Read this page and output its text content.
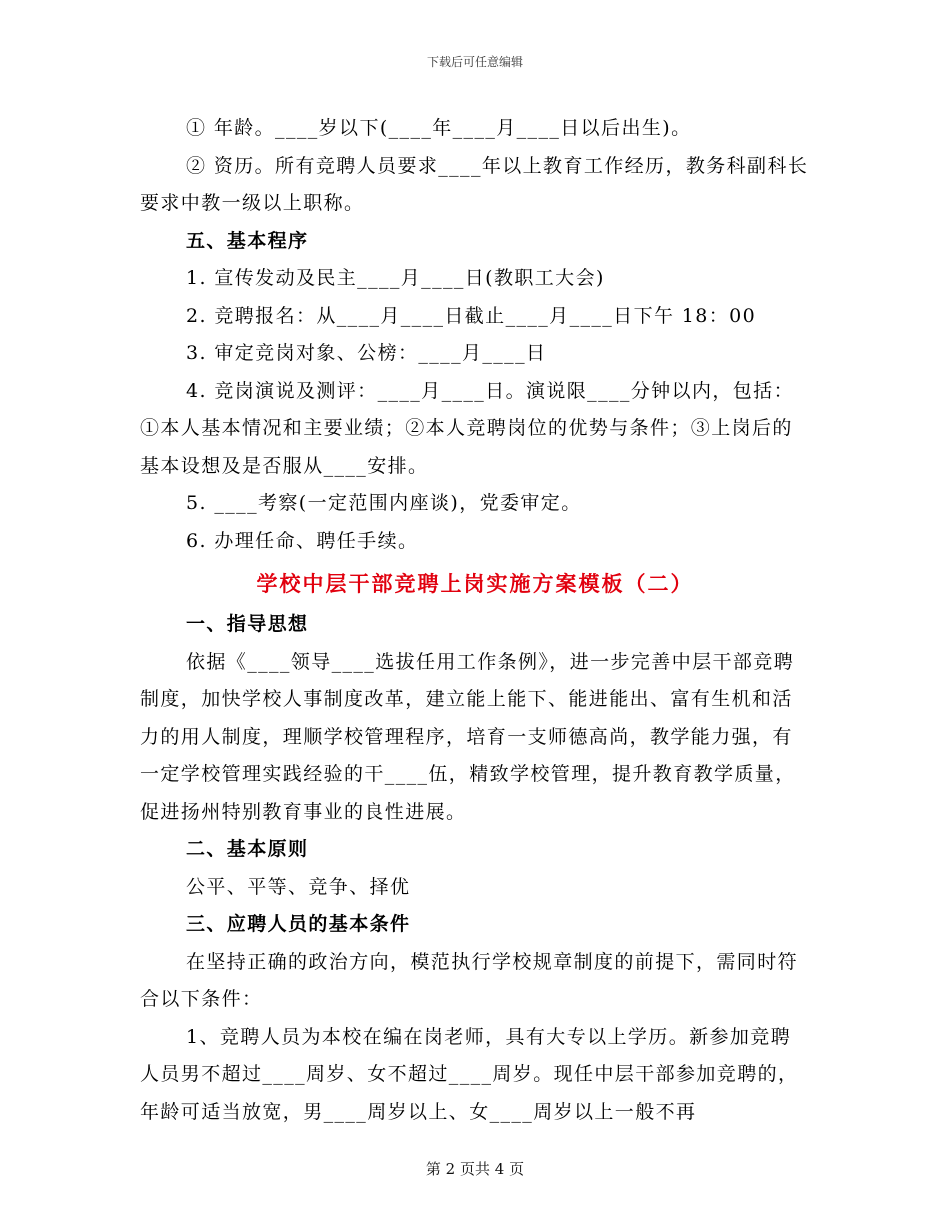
下载后可任意编辑

① 年龄。____岁以下(____年____月____日以后出生)。

② 资历。所有竞聘人员要求____年以上教育工作经历，教务科副科长要求中教一级以上职称。

五、基本程序

1. 宣传发动及民主____月____日(教职工大会)

2. 竞聘报名：从____月____日截止____月____日下午 18：00

3. 审定竞岗对象、公榜：____月____日

4. 竞岗演说及测评：____月____日。演说限____分钟以内，包括：①本人基本情况和主要业绩；②本人竞聘岗位的优势与条件；③上岗后的基本设想及是否服从____安排。

5. ____考察(一定范围内座谈)，党委审定。

6. 办理任命、聘任手续。

学校中层干部竞聘上岗实施方案模板（二）

一、指导思想

依据《____领导____选拔任用工作条例》，进一步完善中层干部竞聘制度，加快学校人事制度改革，建立能上能下、能进能出、富有生机和活力的用人制度，理顺学校管理程序，培育一支师德高尚，教学能力强，有一定学校管理实践经验的干____伍，精致学校管理，提升教育教学质量，促进扬州特别教育事业的良性进展。

二、基本原则

公平、平等、竞争、择优

三、应聘人员的基本条件

在坚持正确的政治方向，模范执行学校规章制度的前提下，需同时符合以下条件：

1、竞聘人员为本校在编在岗老师，具有大专以上学历。新参加竞聘人员男不超过____周岁、女不超过____周岁。现任中层干部参加竞聘的，年龄可适当放宽，男____周岁以上、女____周岁以上一般不再

第 2 页共 4 页
